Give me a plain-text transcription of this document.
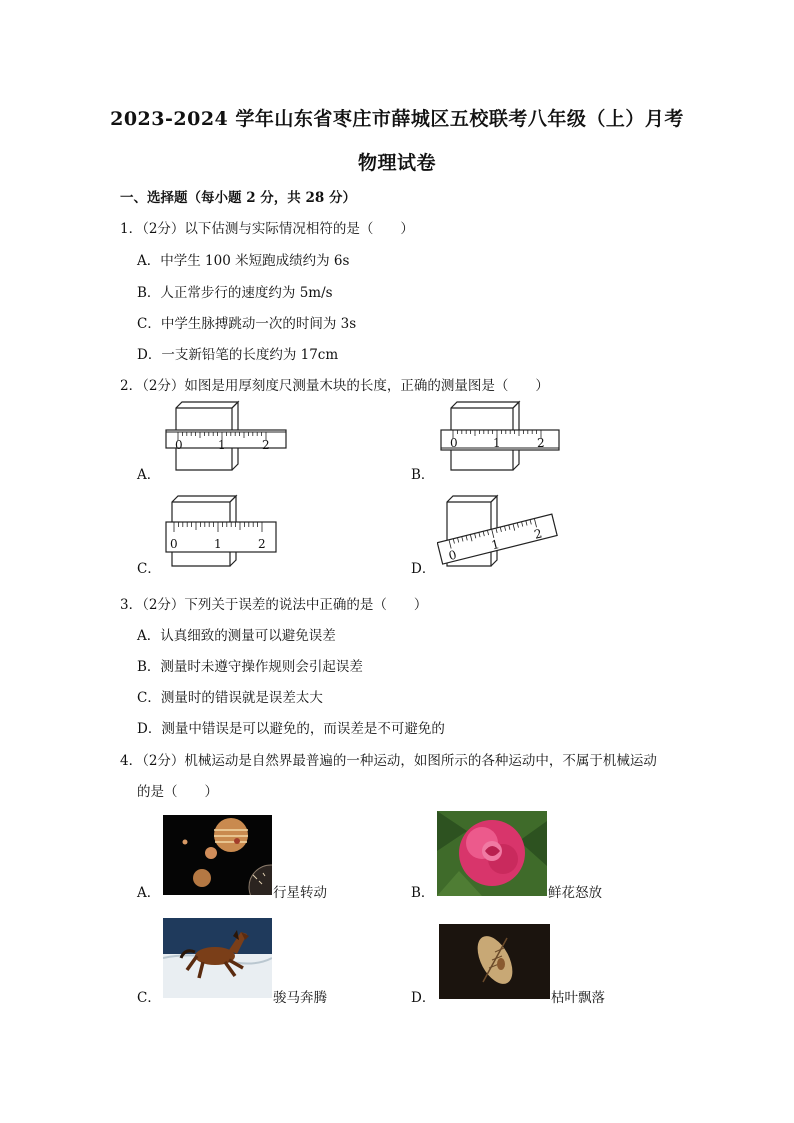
2023-2024 学年山东省枣庄市薛城区五校联考八年级（上）月考
物理试卷
一、选择题（每小题 2 分，共 28 分）
1．（2分）以下估测与实际情况相符的是（　　）
A．中学生 100 米短跑成绩约为 6s
B．人正常步行的速度约为 5m/s
C．中学生脉搏跳动一次的时间为 3s
D．一支新铅笔的长度约为 17cm
2．（2分）如图是用厚刻度尺测量木块的长度，正确的测量图是（　　）
A．
0	1	2
B．
0	1	2
C．
0	1	2
D．
0
1
2
3．（2分）下列关于误差的说法中正确的是（　　）
A．认真细致的测量可以避免误差
B．测量时未遵守操作规则会引起误差
C．测量时的错误就是误差太大
D．测量中错误是可以避免的，而误差是不可避免的
4．（2分）机械运动是自然界最普遍的一种运动，如图所示的各种运动中，不属于机械运动
的是（　　）
A．	行星转动	B．	鲜花怒放
C．	骏马奔腾	D．	枯叶飘落
